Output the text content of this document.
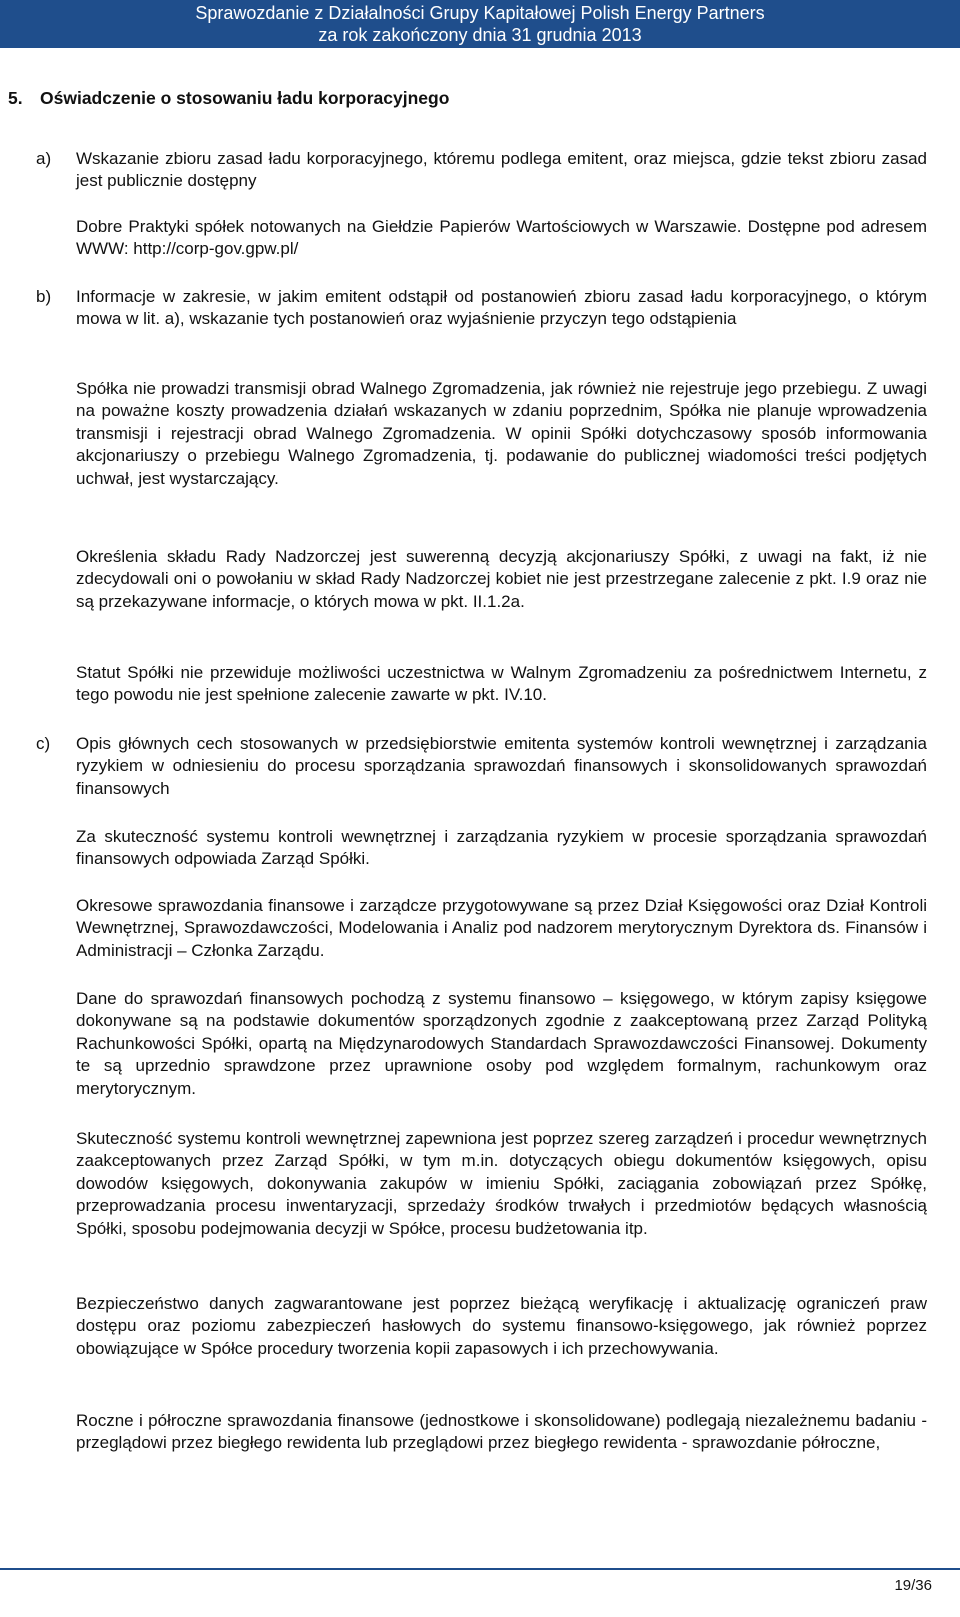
Sprawozdanie z Działalności Grupy Kapitałowej Polish Energy Partners
za rok zakończony dnia 31 grudnia 2013
5. Oświadczenie o stosowaniu ładu korporacyjnego
a)	Wskazanie zbioru zasad ładu korporacyjnego, któremu podlega emitent, oraz miejsca, gdzie tekst zbioru zasad jest publicznie dostępny

Dobre Praktyki spółek notowanych na Giełdzie Papierów Wartościowych w Warszawie. Dostępne pod adresem WWW: http://corp-gov.gpw.pl/

b)	Informacje w zakresie, w jakim emitent odstąpił od postanowień zbioru zasad ładu korporacyjnego, o którym mowa w lit. a), wskazanie tych postanowień oraz wyjaśnienie przyczyn tego odstąpienia

Spółka nie prowadzi transmisji obrad Walnego Zgromadzenia, jak również nie rejestruje jego przebiegu. Z uwagi na poważne koszty prowadzenia działań wskazanych w zdaniu poprzednim, Spółka nie planuje wprowadzenia transmisji i rejestracji obrad Walnego Zgromadzenia. W opinii Spółki dotychczasowy sposób informowania akcjonariuszy o przebiegu Walnego Zgromadzenia, tj. podawanie do publicznej wiadomości treści podjętych uchwał, jest wystarczający.

Określenia składu Rady Nadzorczej jest suwerenną decyzją akcjonariuszy Spółki, z uwagi na fakt, iż nie zdecydowali oni o powołaniu w skład Rady Nadzorczej kobiet nie jest przestrzegane zalecenie z pkt. I.9 oraz nie są przekazywane informacje, o których mowa w pkt. II.1.2a.

Statut Spółki nie przewiduje możliwości uczestnictwa w Walnym Zgromadzeniu za pośrednictwem Internetu, z tego powodu nie jest spełnione zalecenie zawarte w pkt. IV.10.

c)	Opis głównych cech stosowanych w przedsiębiorstwie emitenta systemów kontroli wewnętrznej i zarządzania ryzykiem w odniesieniu do procesu sporządzania sprawozdań finansowych i skonsolidowanych sprawozdań finansowych

Za skuteczność systemu kontroli wewnętrznej i zarządzania ryzykiem w procesie sporządzania sprawozdań finansowych odpowiada Zarząd Spółki.

Okresowe sprawozdania finansowe i zarządcze przygotowywane są przez Dział Księgowości oraz Dział Kontroli Wewnętrznej, Sprawozdawczości, Modelowania i Analiz pod nadzorem merytorycznym Dyrektora ds. Finansów i Administracji – Członka Zarządu.

Dane do sprawozdań finansowych pochodzą z systemu finansowo – księgowego, w którym zapisy księgowe dokonywane są na podstawie dokumentów sporządzonych zgodnie z zaakceptowaną przez Zarząd Polityką Rachunkowości Spółki, opartą na Międzynarodowych Standardach Sprawozdawczości Finansowej. Dokumenty te są uprzednio sprawdzone przez uprawnione osoby pod względem formalnym, rachunkowym oraz merytorycznym.

Skuteczność systemu kontroli wewnętrznej zapewniona jest poprzez szereg zarządzeń i procedur wewnętrznych zaakceptowanych przez Zarząd Spółki, w tym m.in. dotyczących obiegu dokumentów księgowych, opisu dowodów księgowych, dokonywania zakupów w imieniu Spółki, zaciągania zobowiązań przez Spółkę, przeprowadzania procesu inwentaryzacji, sprzedaży środków trwałych i przedmiotów będących własnością Spółki, sposobu podejmowania decyzji w Spółce, procesu budżetowania itp.

Bezpieczeństwo danych zagwarantowane jest poprzez bieżącą weryfikację i aktualizację ograniczeń praw dostępu oraz poziomu zabezpieczeń hasłowych do systemu finansowo-księgowego, jak również poprzez obowiązujące w Spółce procedury tworzenia kopii zapasowych i ich przechowywania.

Roczne i półroczne sprawozdania finansowe (jednostkowe i skonsolidowane) podlegają niezależnemu badaniu - przeglądowi przez biegłego rewidenta lub przeglądowi przez biegłego rewidenta - sprawozdanie półroczne,

19/36
